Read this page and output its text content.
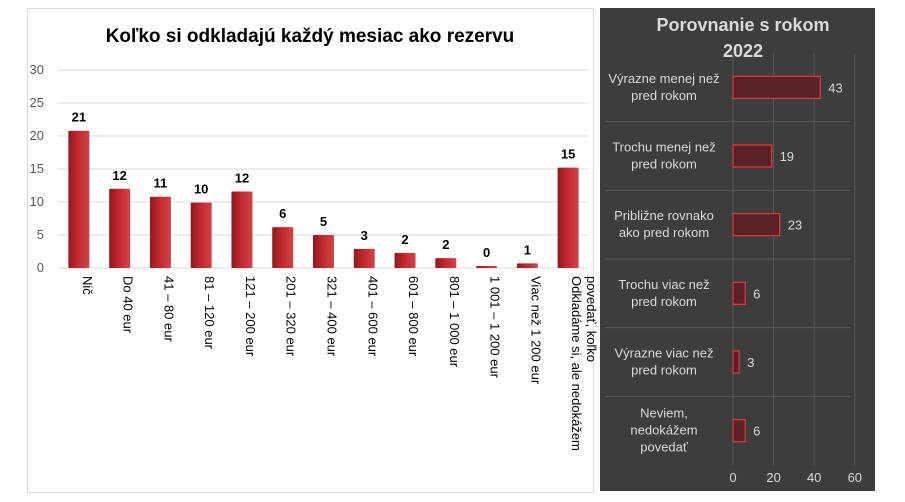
Koľko si odkladajú každý mesiac ako rezervu
0
5
10
15
20
25
30
21
Nič
12
Do 40 eur
11
41 – 80 eur
10
81 – 120 eur
12
121 – 200 eur
6
201 – 320 eur
5
321 – 400 eur
3
401 – 600 eur
2
601 – 800 eur
2
801 – 1 000 eur
0
1 001 – 1 200 eur
1
Viac než 1 200 eur
15
Odkladáme si, ale nedokážempovedať, koľko
Porovnanie s rokom
2022
0 20 40 60
43
Výrazne menej než pred rokom
19
Trochu menej než pred rokom
23
Približne rovnako ako pred rokom
6
Trochu viac než pred rokom
3
Výrazne viac než pred rokom
6
Neviem, nedokážem povedať
